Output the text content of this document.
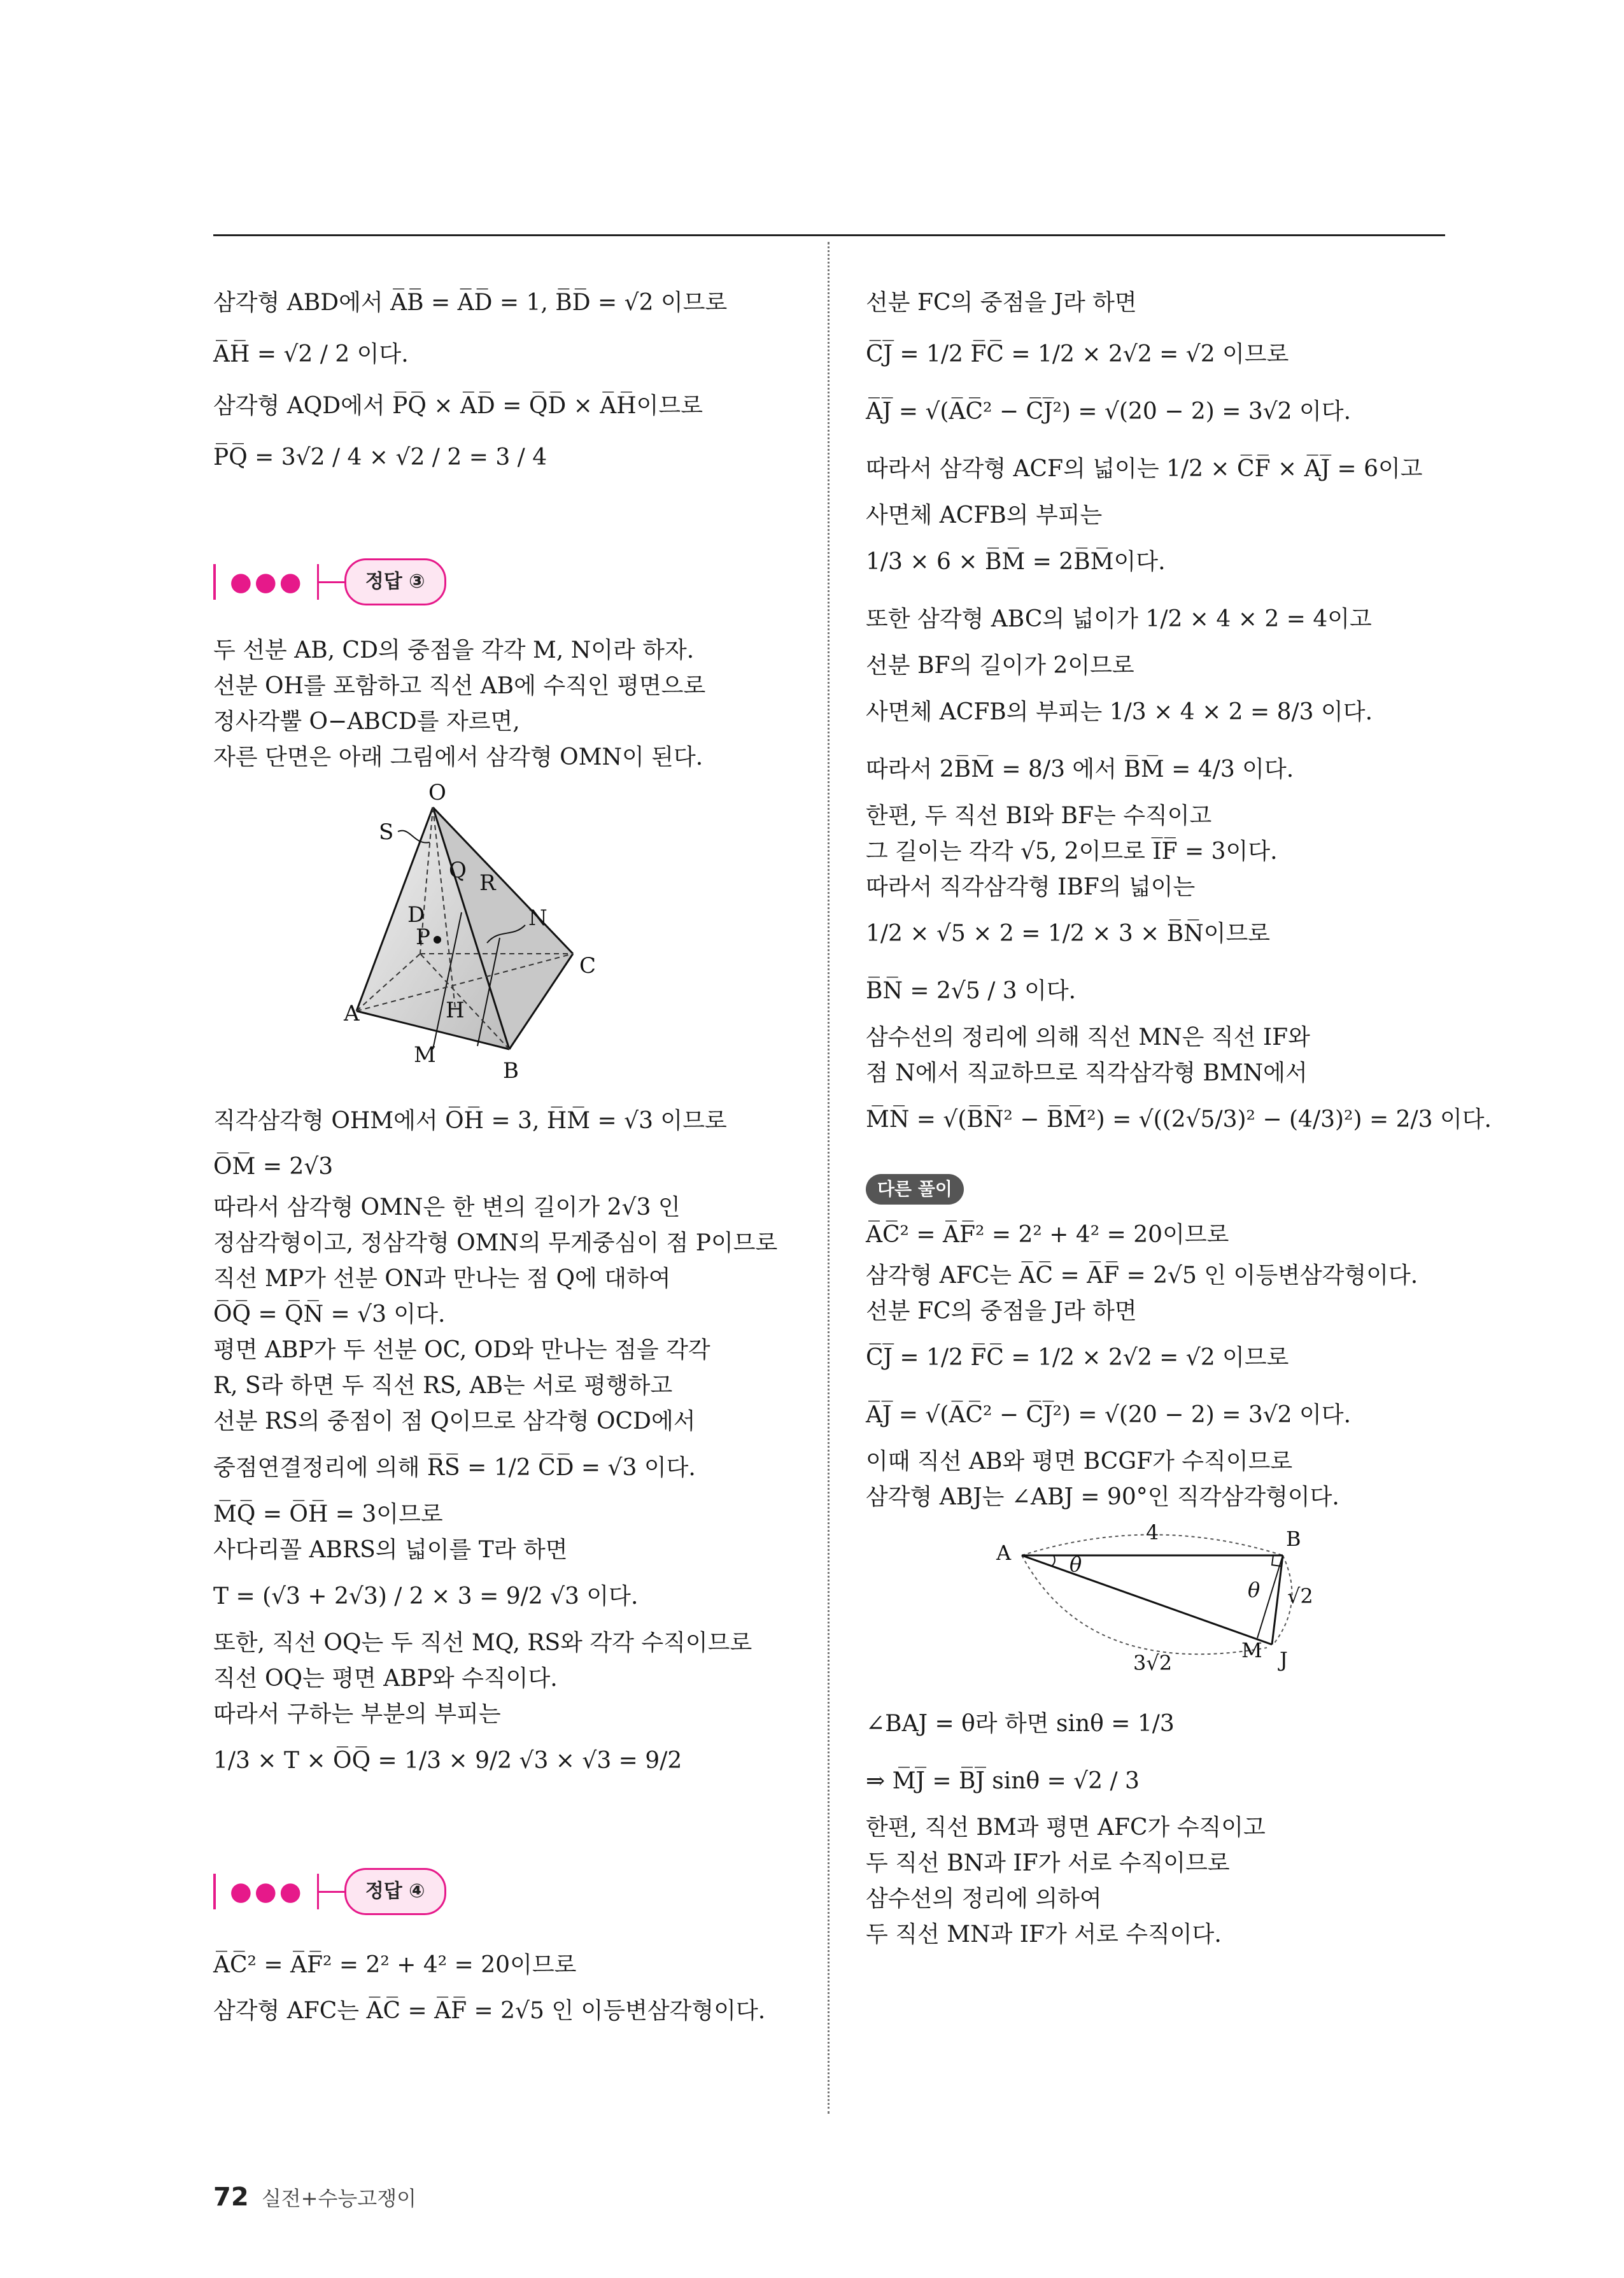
삼각형 ABD에서 A̅B̅ = A̅D̅ = 1, B̅D̅ = √2 이므로
A̅H̅ = √2 / 2 이다.
삼각형 AQD에서 P̅Q̅ × A̅D̅ = Q̅D̅ × A̅H̅이므로
P̅Q̅ = 3√2 / 4 × √2 / 2 = 3 / 4
●●●	정답 ③
두 선분 AB, CD의 중점을 각각 M, N이라 하자.
선분 OH를 포함하고 직선 AB에 수직인 평면으로
정사각뿔 O−ABCD를 자르면,
자른 단면은 아래 그림에서 삼각형 OMN이 된다.
O
S
Q R
D	N
P
C
A	H
M
B
직각삼각형 OHM에서 O̅H̅ = 3, H̅M̅ = √3 이므로
O̅M̅ = 2√3
따라서 삼각형 OMN은 한 변의 길이가 2√3 인
정삼각형이고, 정삼각형 OMN의 무게중심이 점 P이므로
직선 MP가 선분 ON과 만나는 점 Q에 대하여
O̅Q̅ = Q̅N̅ = √3 이다.
평면 ABP가 두 선분 OC, OD와 만나는 점을 각각
R, S라 하면 두 직선 RS, AB는 서로 평행하고
선분 RS의 중점이 점 Q이므로 삼각형 OCD에서
중점연결정리에 의해 R̅S̅ = 1/2 C̅D̅ = √3 이다.
M̅Q̅ = O̅H̅ = 3이므로
사다리꼴 ABRS의 넓이를 T라 하면
T = (√3 + 2√3) / 2 × 3 = 9/2 √3 이다.
또한, 직선 OQ는 두 직선 MQ, RS와 각각 수직이므로
직선 OQ는 평면 ABP와 수직이다.
따라서 구하는 부분의 부피는
1/3 × T × O̅Q̅ = 1/3 × 9/2 √3 × √3 = 9/2
●●●	정답 ④
A̅C̅² = A̅F̅² = 2² + 4² = 20이므로
삼각형 AFC는 A̅C̅ = A̅F̅ = 2√5 인 이등변삼각형이다.
선분 FC의 중점을 J라 하면
C̅J̅ = 1/2 F̅C̅ = 1/2 × 2√2 = √2 이므로
A̅J̅ = √(A̅C̅² − C̅J̅²) = √(20 − 2) = 3√2 이다.
따라서 삼각형 ACF의 넓이는 1/2 × C̅F̅ × A̅J̅ = 6이고
사면체 ACFB의 부피는
1/3 × 6 × B̅M̅ = 2B̅M̅이다.
또한 삼각형 ABC의 넓이가 1/2 × 4 × 2 = 4이고
선분 BF의 길이가 2이므로
사면체 ACFB의 부피는 1/3 × 4 × 2 = 8/3 이다.
따라서 2B̅M̅ = 8/3 에서 B̅M̅ = 4/3 이다.
한편, 두 직선 BI와 BF는 수직이고
그 길이는 각각 √5, 2이므로 I̅F̅ = 3이다.
따라서 직각삼각형 IBF의 넓이는
1/2 × √5 × 2 = 1/2 × 3 × B̅N̅이므로
B̅N̅ = 2√5 / 3 이다.
삼수선의 정리에 의해 직선 MN은 직선 IF와
점 N에서 직교하므로 직각삼각형 BMN에서
M̅N̅ = √(B̅N̅² − B̅M̅²) = √((2√5/3)² − (4/3)²) = 2/3 이다.
다른 풀이
A̅C̅² = A̅F̅² = 2² + 4² = 20이므로
삼각형 AFC는 A̅C̅ = A̅F̅ = 2√5 인 이등변삼각형이다.
선분 FC의 중점을 J라 하면
C̅J̅ = 1/2 F̅C̅ = 1/2 × 2√2 = √2 이므로
A̅J̅ = √(A̅C̅² − C̅J̅²) = √(20 − 2) = 3√2 이다.
이때 직선 AB와 평면 BCGF가 수직이므로
삼각형 ABJ는 ∠ABJ = 90°인 직각삼각형이다.
A
B
J
M
4
θ
θ √2
3√2
∠BAJ = θ라 하면 sinθ = 1/3
⇒ M̅J̅ = B̅J̅ sinθ = √2 / 3
한편, 직선 BM과 평면 AFC가 수직이고
두 직선 BN과 IF가 서로 수직이므로
삼수선의 정리에 의하여
두 직선 MN과 IF가 서로 수직이다.
72 실전+수능고쟁이
